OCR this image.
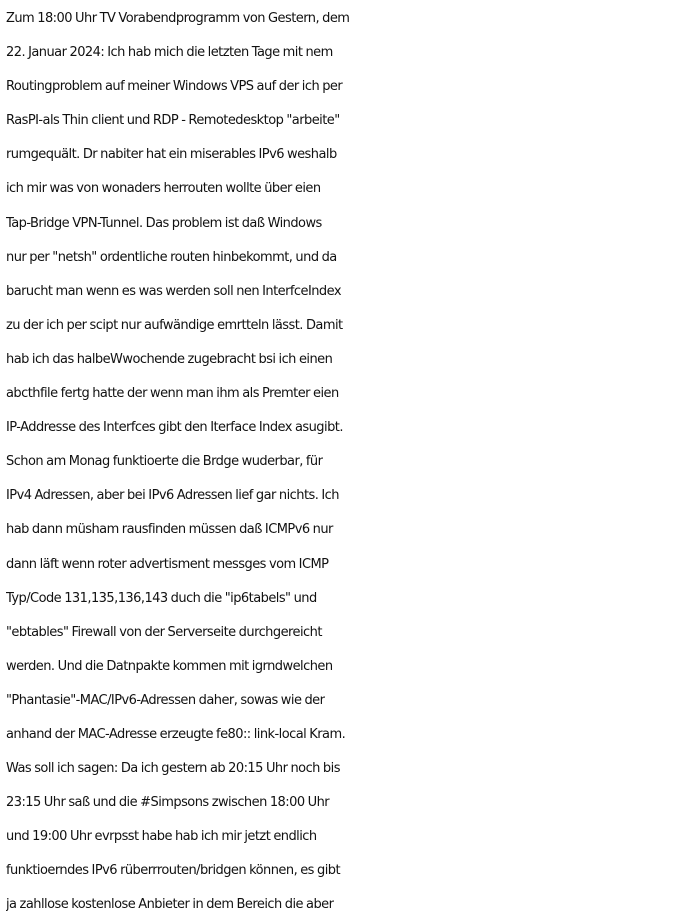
Zum 18:00 Uhr TV Vorabendprogramm von Gestern, dem
22. Januar 2024: Ich hab mich die letzten Tage mit nem
Routingproblem auf meiner Windows VPS auf der ich per
RasPI-als Thin client und RDP - Remotedesktop "arbeite"
rumgequält. Dr nabiter hat ein miserables IPv6 weshalb
ich mir was von wonaders herrouten wollte über eien
Tap-Bridge VPN-Tunnel. Das problem ist daß Windows
nur per "netsh" ordentliche routen hinbekommt, und da
barucht man wenn es was werden soll nen InterfceIndex
zu der ich per scipt nur aufwändige emrtteln lässt. Damit
hab ich das halbeWwochende zugebracht bsi ich einen
abcthfile fertg hatte der wenn man ihm als Premter eien
IP-Addresse des Interfces gibt den Iterface Index asugibt.
Schon am Monag funktioerte die Brdge wuderbar, für
IPv4 Adressen, aber bei IPv6 Adressen lief gar nichts. Ich
hab dann müsham rausfinden müssen daß ICMPv6 nur
dann läft wenn roter advertisment messges vom ICMP
Typ/Code 131,135,136,143 duch die "ip6tabels" und
"ebtables" Firewall von der Serverseite durchgereicht
werden. Und die Datnpakte kommen mit igrndwelchen
"Phantasie"-MAC/IPv6-Adressen daher, sowas wie der
anhand der MAC-Adresse erzeugte fe80:: link-local Kram.
Was soll ich sagen: Da ich gestern ab 20:15 Uhr noch bis
23:15 Uhr saß und die #Simpsons zwischen 18:00 Uhr
und 19:00 Uhr evrpsst habe hab ich mir jetzt endlich
funktioerndes IPv6 rüberrrouten/bridgen können, es gibt
ja zahllose kostenlose Anbieter in dem Bereich die aber
